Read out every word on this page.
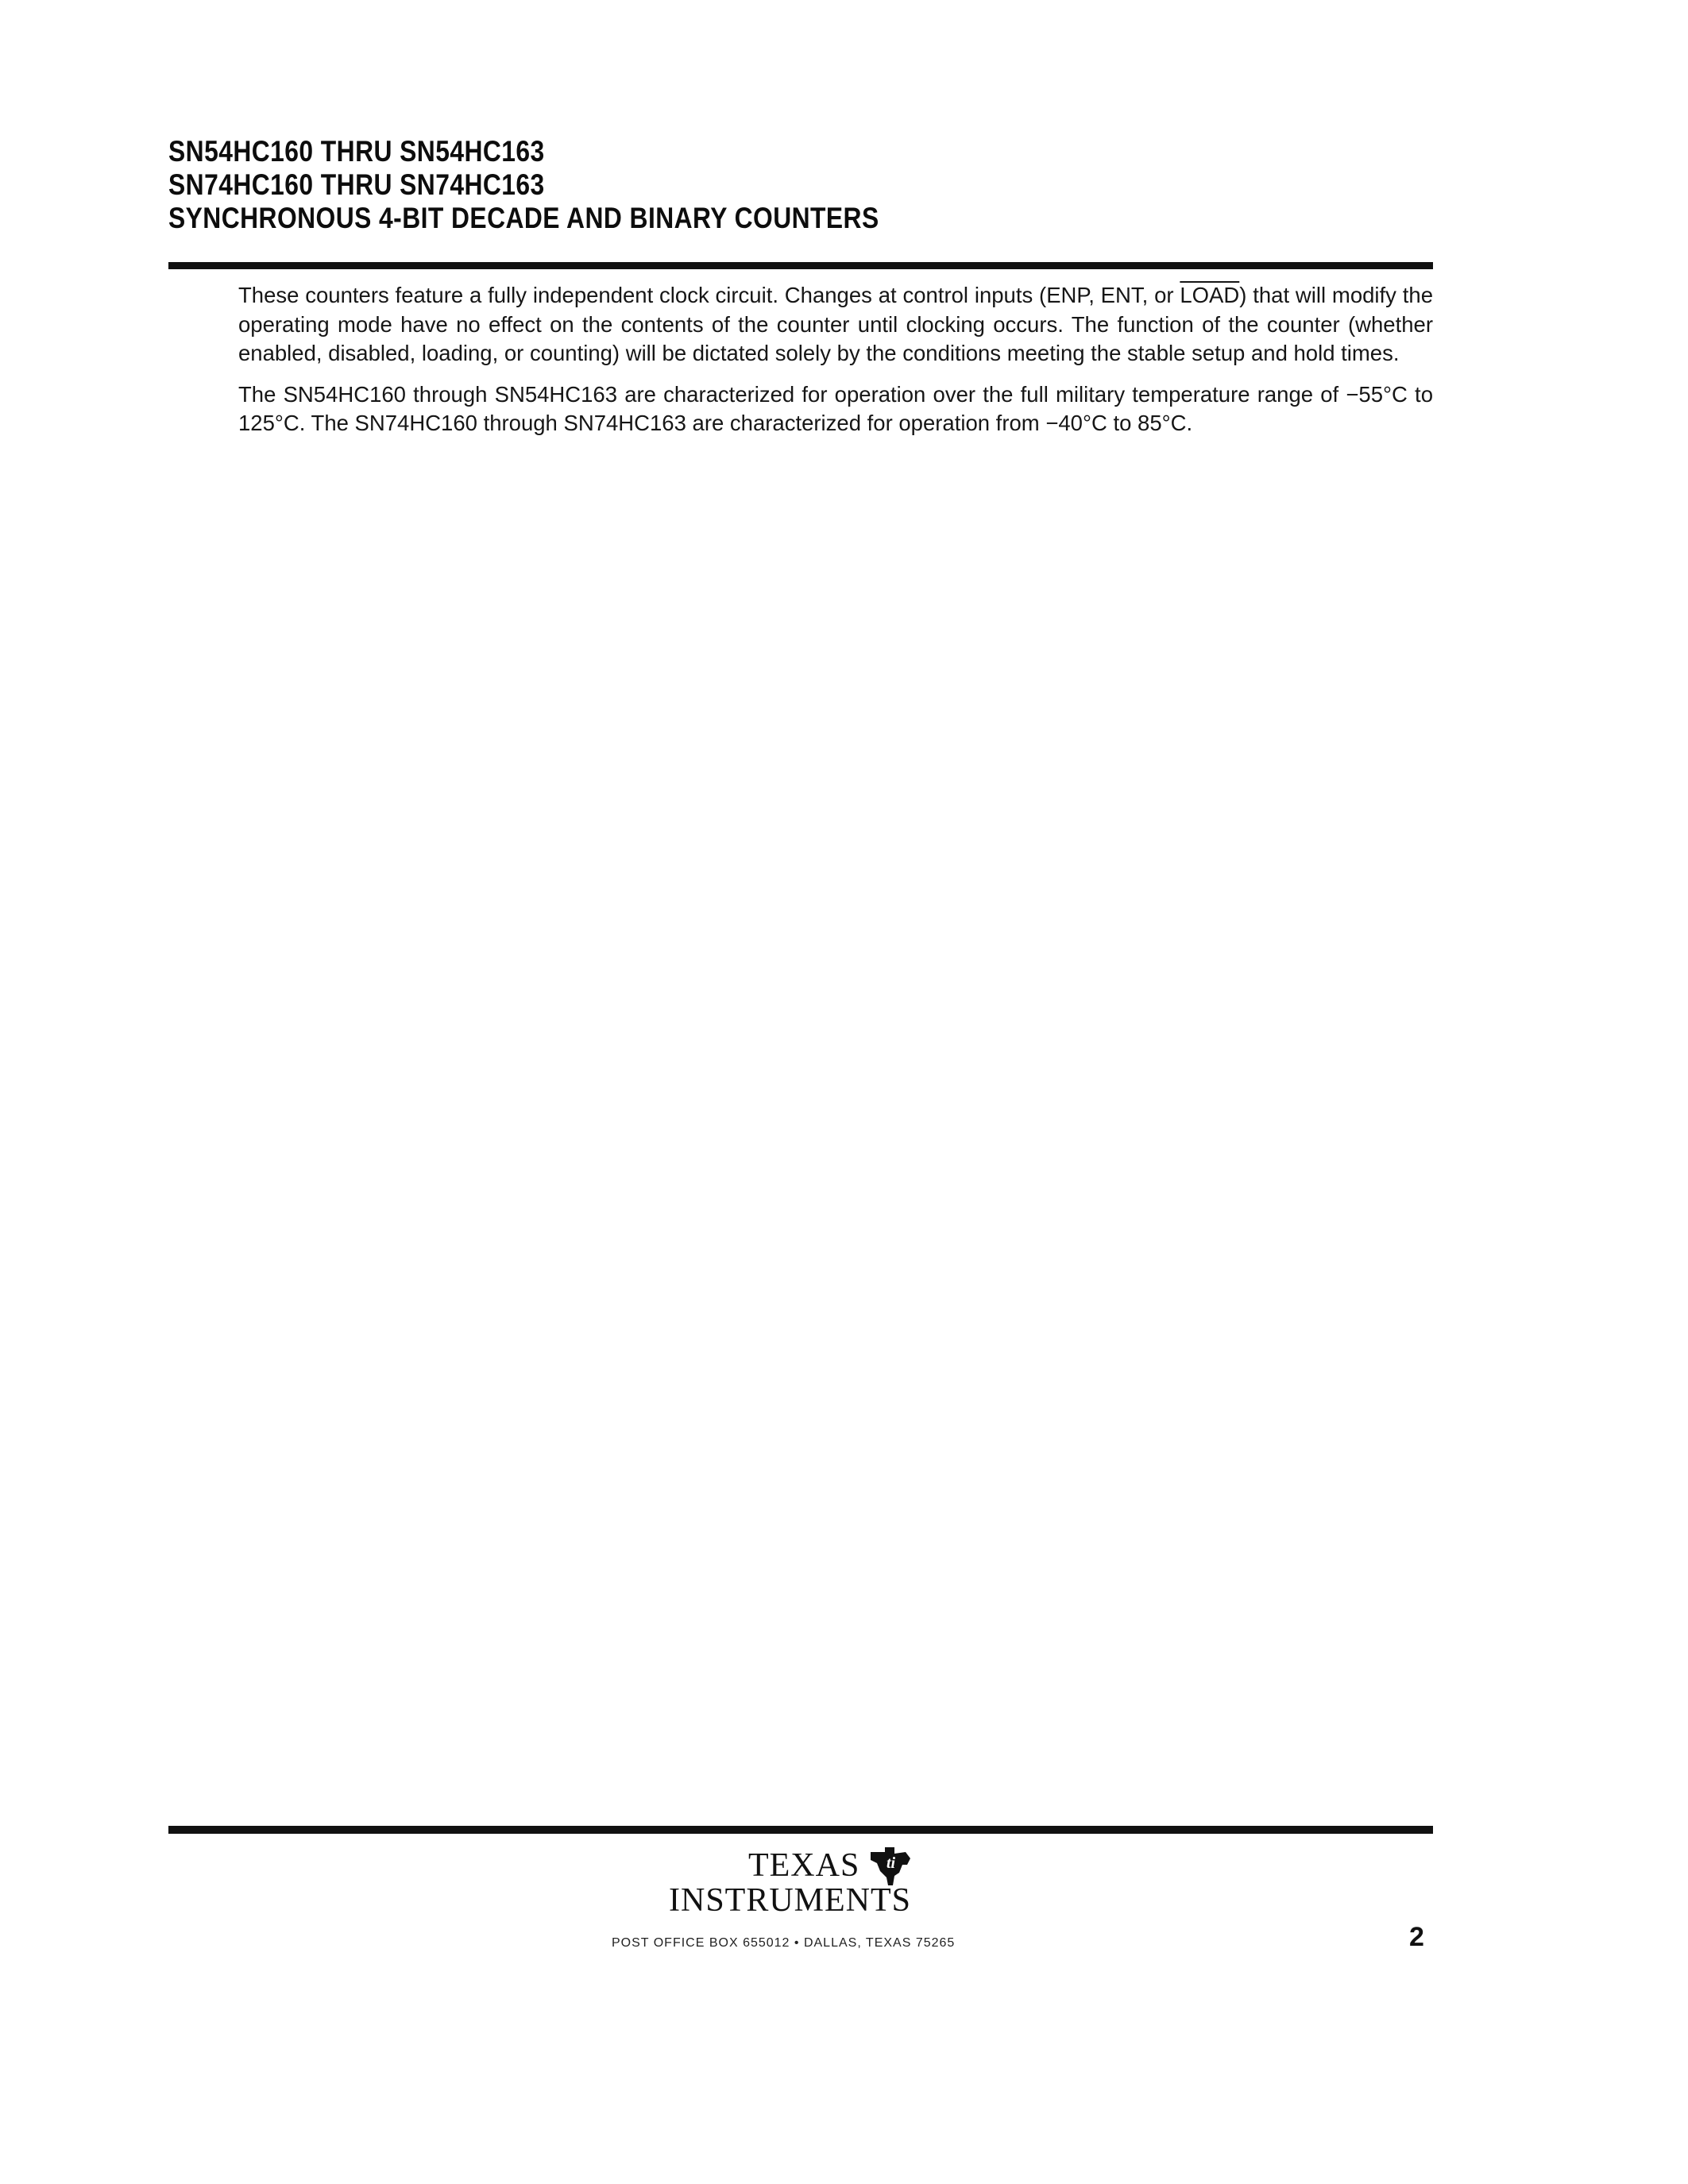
SN54HC160 THRU SN54HC163
SN74HC160 THRU SN74HC163
SYNCHRONOUS 4-BIT DECADE AND BINARY COUNTERS

These counters feature a fully independent clock circuit. Changes at control inputs (ENP, ENT, or LOAD) that will modify the operating mode have no effect on the contents of the counter until clocking occurs. The function of the counter (whether enabled, disabled, loading, or counting) will be dictated solely by the conditions meeting the stable setup and hold times.

The SN54HC160 through SN54HC163 are characterized for operation over the full military temperature range of −55°C to 125°C. The SN74HC160 through SN74HC163 are characterized for operation from −40°C to 85°C.

TEXAS ti
INSTRUMENTS
POST OFFICE BOX 655012 • DALLAS, TEXAS 75265	2
